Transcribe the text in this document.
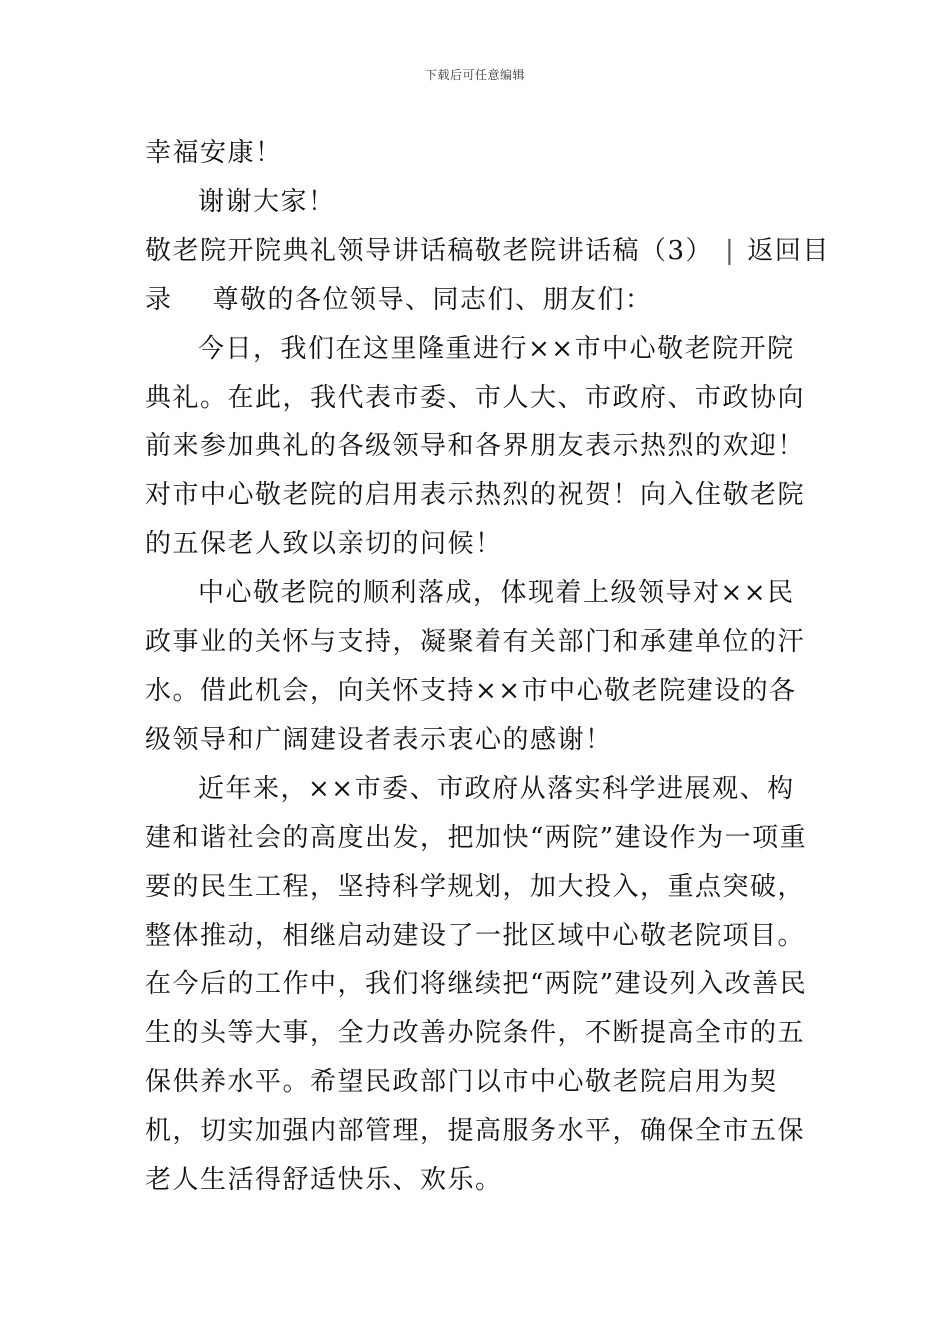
下载后可任意编辑

幸福安康！

谢谢大家！

敬老院开院典礼领导讲话稿敬老院讲话稿（3） | 返回目

录 尊敬的各位领导、同志们、朋友们：

今日，我们在这里隆重进行××市中心敬老院开院典礼。在此，我代表市委、市人大、市政府、市政协向前来参加典礼的各级领导和各界朋友表示热烈的欢迎！对市中心敬老院的启用表示热烈的祝贺！向入住敬老院的五保老人致以亲切的问候！

中心敬老院的顺利落成，体现着上级领导对××民政事业的关怀与支持，凝聚着有关部门和承建单位的汗水。借此机会，向关怀支持××市中心敬老院建设的各级领导和广阔建设者表示衷心的感谢！

近年来，××市委、市政府从落实科学进展观、构建和谐社会的高度出发，把加快“两院”建设作为一项重要的民生工程，坚持科学规划，加大投入，重点突破，整体推动，相继启动建设了一批区域中心敬老院项目。在今后的工作中，我们将继续把“两院”建设列入改善民生的头等大事，全力改善办院条件，不断提高全市的五保供养水平。希望民政部门以市中心敬老院启用为契机，切实加强内部管理，提高服务水平，确保全市五保老人生活得舒适快乐、欢乐。
